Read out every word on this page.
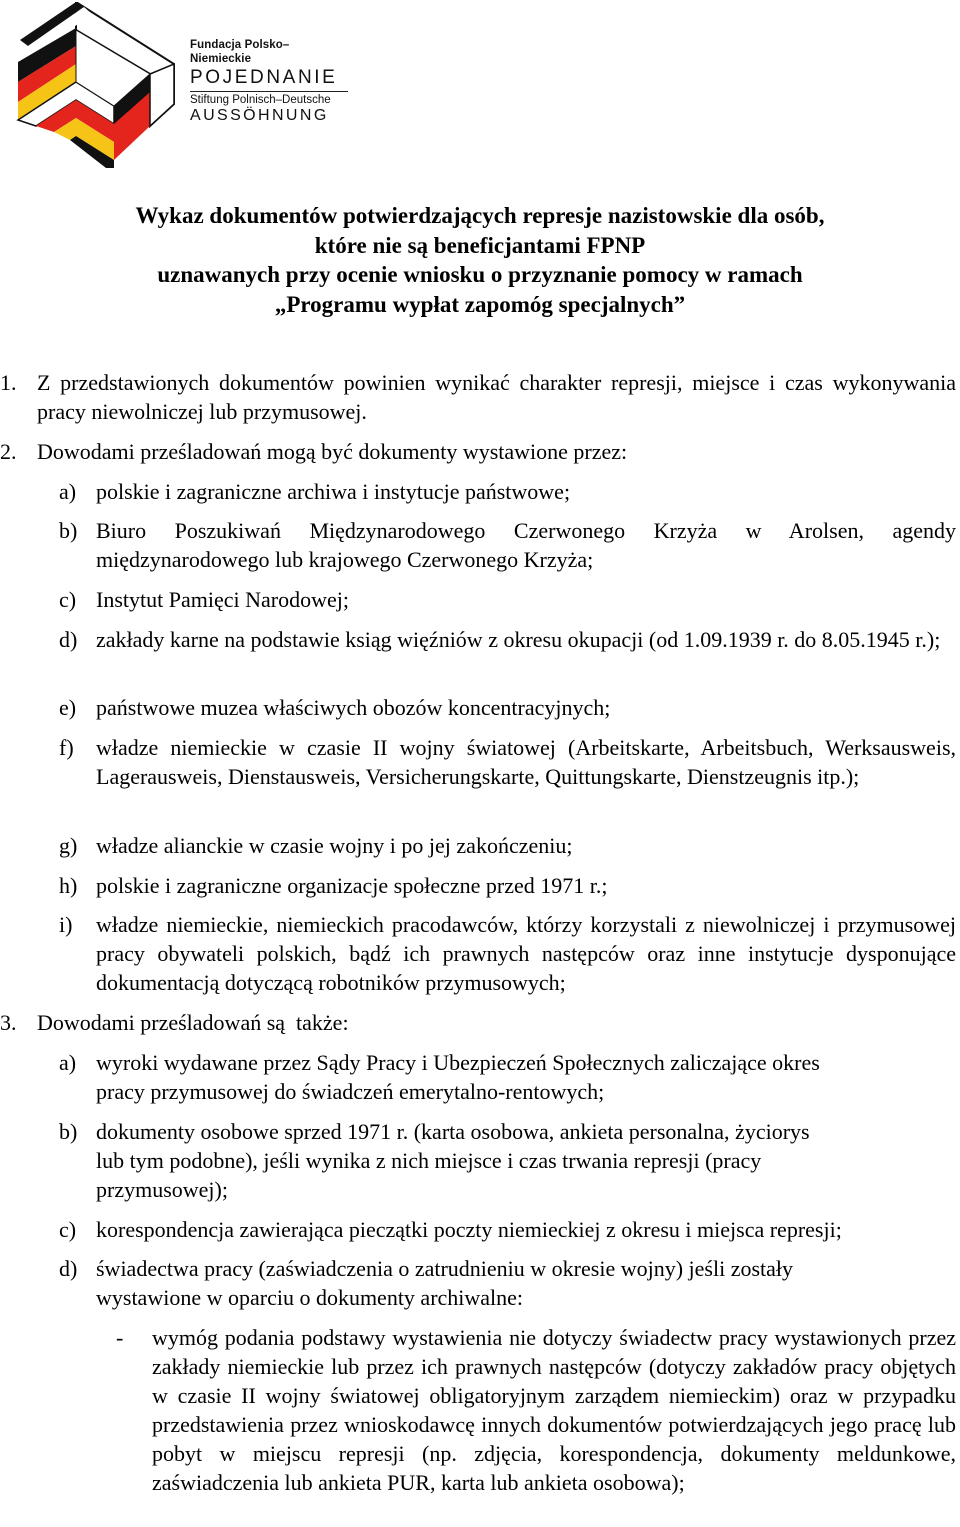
Fundacja Polsko–Niemieckie
POJEDNANIE
Stiftung Polnisch–Deutsche
AUSSÖHNUNG
Wykaz dokumentów potwierdzających represje nazistowskie dla osób,
które nie są beneficjantami FPNP
uznawanych przy ocenie wniosku o przyznanie pomocy w ramach
„Programu wypłat zapomóg specjalnych”
1. Z przedstawionych dokumentów powinien wynikać charakter represji, miejsce i czas wykonywania pracy niewolniczej lub przymusowej.
2. Dowodami prześladowań mogą być dokumenty wystawione przez:
a) polskie i zagraniczne archiwa i instytucje państwowe;
b) Biuro Poszukiwań Międzynarodowego Czerwonego Krzyża w Arolsen, agendy międzynarodowego lub krajowego Czerwonego Krzyża;
c) Instytut Pamięci Narodowej;
d) zakłady karne na podstawie ksiąg więźniów z okresu okupacji (od 1.09.1939 r. do 8.05.1945 r.);
e) państwowe muzea właściwych obozów koncentracyjnych;
f) władze niemieckie w czasie II wojny światowej (Arbeitskarte, Arbeitsbuch, Werksausweis, Lagerausweis, Dienstausweis, Versicherungskarte, Quittungskarte, Dienstzeugnis itp.);
g) władze alianckie w czasie wojny i po jej zakończeniu;
h) polskie i zagraniczne organizacje społeczne przed 1971 r.;
i) władze niemieckie, niemieckich pracodawców, którzy korzystali z niewolniczej i przymusowej pracy obywateli polskich, bądź ich prawnych następców oraz inne instytucje dysponujące dokumentacją dotyczącą robotników przymusowych;
3. Dowodami prześladowań są  także:
a) wyroki wydawane przez Sądy Pracy i Ubezpieczeń Społecznych zaliczające okres
pracy przymusowej do świadczeń emerytalno-rentowych;
b) dokumenty osobowe sprzed 1971 r. (karta osobowa, ankieta personalna, życiorys
lub tym podobne), jeśli wynika z nich miejsce i czas trwania represji (pracy
przymusowej);
c) korespondencja zawierająca pieczątki poczty niemieckiej z okresu i miejsca represji;
d) świadectwa pracy (zaświadczenia o zatrudnieniu w okresie wojny) jeśli zostały
wystawione w oparciu o dokumenty archiwalne:
- wymóg podania podstawy wystawienia nie dotyczy świadectw pracy wystawionych przez zakłady niemieckie lub przez ich prawnych następców (dotyczy zakładów pracy objętych w czasie II wojny światowej obligatoryjnym zarządem niemieckim) oraz w przypadku przedstawienia przez wnioskodawcę innych dokumentów potwierdzających jego pracę lub pobyt w miejscu represji (np. zdjęcia, korespondencja, dokumenty meldunkowe, zaświadczenia lub ankieta PUR, karta lub ankieta osobowa);
